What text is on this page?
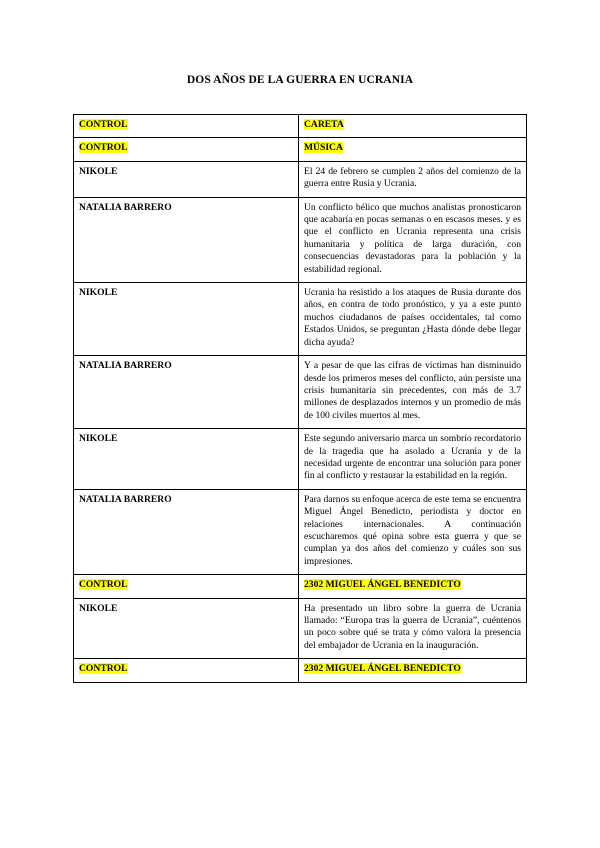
DOS AÑOS DE LA GUERRA EN UCRANIA
CONTROL	CARETA
CONTROL	MÚSICA
NIKOLE	El 24 de febrero se cumplen 2 años del comienzo de la guerra entre Rusia y Ucrania.
NATALIA BARRERO	Un conflicto bélico que muchos analistas pronosticaron que acabaría en pocas semanas o en escasos meses. y es que el conflicto en Ucrania representa una crisis humanitaria y política de larga duración, con consecuencias devastadoras para la población y la estabilidad regional.
NIKOLE	Ucrania ha resistido a los ataques de Rusia durante dos años, en contra de todo pronóstico, y ya a este punto muchos ciudadanos de países occidentales, tal como Estados Unidos, se preguntan ¿Hasta dónde debe llegar dicha ayuda?
NATALIA BARRERO	Y a pesar de que las cifras de víctimas han disminuido desde los primeros meses del conflicto, aún persiste una crisis humanitaria sin precedentes, con más de 3.7 millones de desplazados internos y un promedio de más de 100 civiles muertos al mes.
NIKOLE	Este segundo aniversario marca un sombrío recordatorio de la tragedia que ha asolado a Ucrania y de la necesidad urgente de encontrar una solución para poner fin al conflicto y restaurar la estabilidad en la región.
NATALIA BARRERO	Para darnos su enfoque acerca de este tema se encuentra Miguel Ángel Benedicto, periodista y doctor en relaciones internacionales. A continuación escucharemos qué opina sobre esta guerra y que se cumplan ya dos años del comienzo y cuáles son sus impresiones.
CONTROL	2302 MIGUEL ÁNGEL BENEDICTO
NIKOLE	Ha presentado un libro sobre la guerra de Ucrania llamado: “Europa tras la guerra de Ucrania”, cuéntenos un poco sobre qué se trata y cómo valora la presencia del embajador de Ucrania en la inauguración.
CONTROL	2302 MIGUEL ÁNGEL BENEDICTO
